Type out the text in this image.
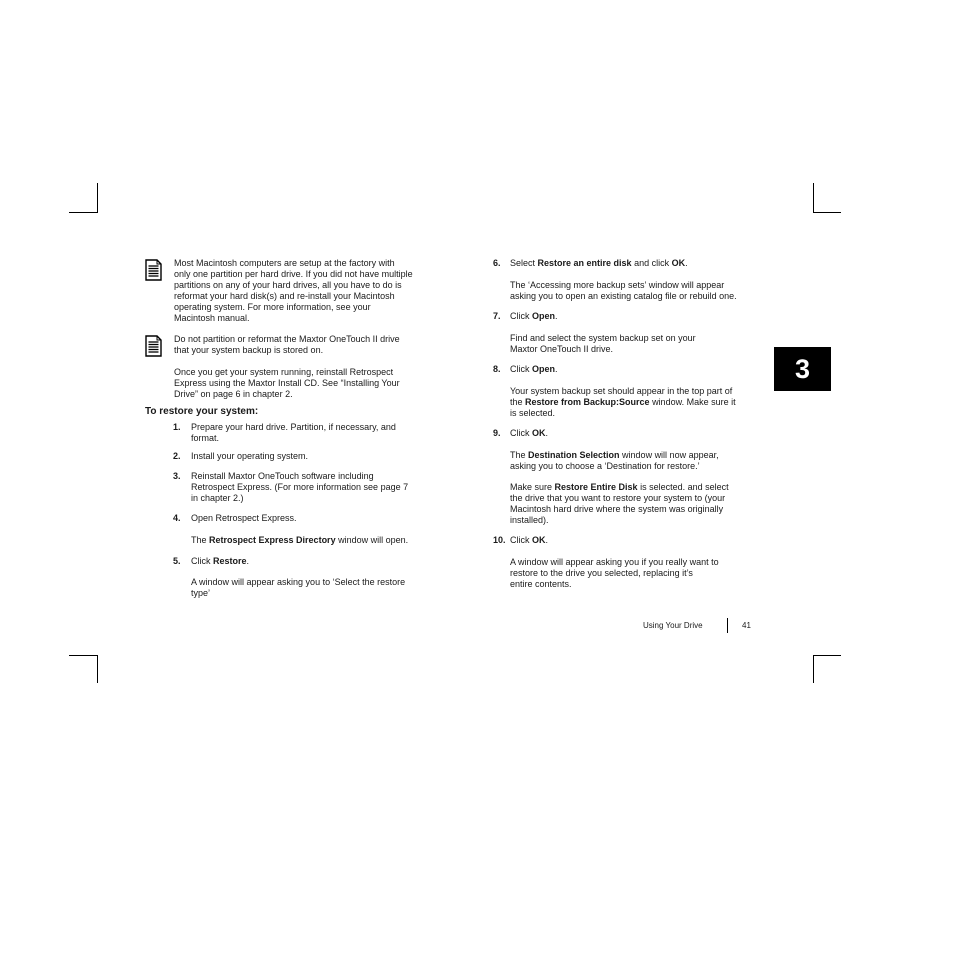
Most Macintosh computers are setup at the factory with
only one partition per hard drive. If you did not have multiple
partitions on any of your hard drives, all you have to do is
reformat your hard disk(s) and re-install your Macintosh
operating system. For more information, see your
Macintosh manual.
Do not partition or reformat the Maxtor OneTouch II drive
that your system backup is stored on.
Once you get your system running, reinstall Retrospect
Express using the Maxtor Install CD. See “Installing Your
Drive” on page 6 in chapter 2.
To restore your system:
1. Prepare your hard drive. Partition, if necessary, and
format.
2. Install your operating system.
3. Reinstall Maxtor OneTouch software including
Retrospect Express. (For more information see page 7
in chapter 2.)
4. Open Retrospect Express.
The Retrospect Express Directory window will open.
5. Click Restore.
A window will appear asking you to ‘Select the restore
type’
6. Select Restore an entire disk and click OK.
The ‘Accessing more backup sets’ window will appear
asking you to open an existing catalog file or rebuild one.
7. Click Open.
Find and select the system backup set on your
Maxtor OneTouch II drive.
8. Click Open.
Your system backup set should appear in the top part of
the Restore from Backup:Source window. Make sure it
is selected.
9. Click OK.
The Destination Selection window will now appear,
asking you to choose a ‘Destination for restore.’
Make sure Restore Entire Disk is selected. and select
the drive that you want to restore your system to (your
Macintosh hard drive where the system was originally
installed).
10. Click OK.
A window will appear asking you if you really want to
restore to the drive you selected, replacing it’s
entire contents.
3
Using Your Drive	41
